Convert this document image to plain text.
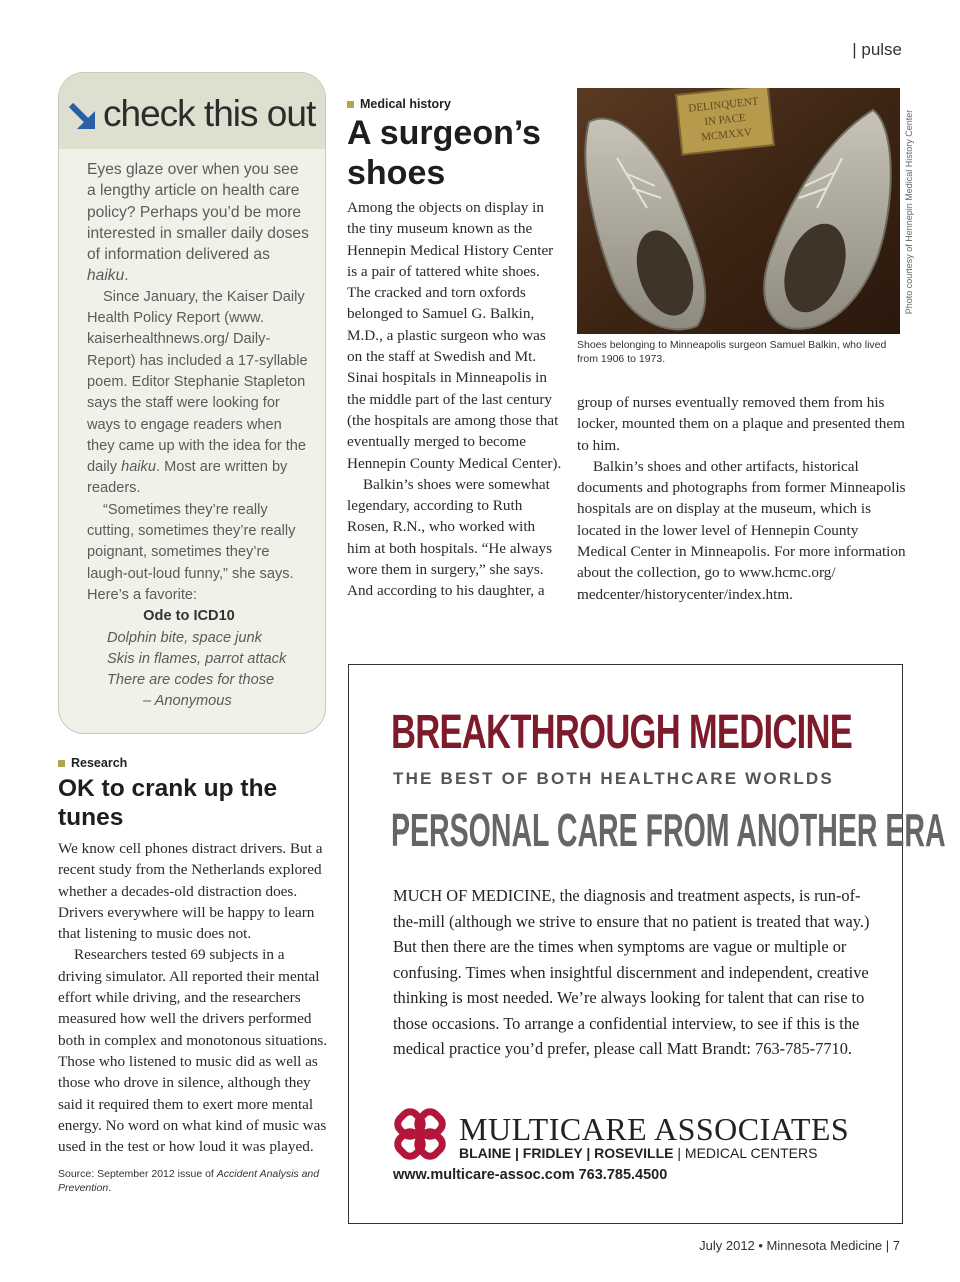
| pulse
check this out

Eyes glaze over when you see a lengthy article on health care policy? Perhaps you’d be more interested in smaller daily doses of information delivered as haiku.

Since January, the Kaiser Daily Health Policy Report (www. kaiserhealthnews.org/ Daily-Report) has included a 17-syllable poem. Editor Stephanie Stapleton says the staff were looking for ways to engage readers when they came up with the idea for the daily haiku. Most are written by readers.

“Sometimes they’re really cutting, sometimes they’re really poignant, sometimes they’re laugh-out-loud funny,” she says. Here’s a favorite:

Ode to ICD10

Dolphin bite, space junk

Skis in flames, parrot attack

There are codes for those

– Anonymous

Medical history
A surgeon’s shoes

Among the objects on display in the tiny museum known as the Hennepin Medical History Center is a pair of tattered white shoes. The cracked and torn oxfords belonged to Samuel G. Balkin, M.D., a plastic surgeon who was on the staff at Swedish and Mt. Sinai hospitals in Minneapolis in the middle part of the last century (the hospitals are among those that eventually merged to become Hennepin County Medical Center).

Balkin’s shoes were somewhat legendary, according to Ruth Rosen, R.N., who worked with him at both hospitals. “He always wore them in surgery,” she says. And according to his daughter, a

DELINQUENT
IN PACE
MCMXXV	Photo courtesy of Hennepin Medical History Center
Shoes belonging to Minneapolis surgeon Samuel Balkin, who lived from 1906 to 1973.

group of nurses eventually removed them from his locker, mounted them on a plaque and presented them to him.

Balkin’s shoes and other artifacts, historical documents and photographs from former Minneapolis hospitals are on display at the museum, which is located in the lower level of Hennepin County Medical Center in Minneapolis. For more information about the collection, go to www.hcmc.org/ medcenter/historycenter/index.htm.

Research
OK to crank up the tunes

We know cell phones distract drivers. But a recent study from the Netherlands explored whether a decades-old distraction does. Drivers everywhere will be happy to learn that listening to music does not.

Researchers tested 69 subjects in a driving simulator. All reported their mental effort while driving, and the researchers measured how well the drivers performed both in complex and monotonous situations. Those who listened to music did as well as those who drove in silence, although they said it required them to exert more mental energy. No word on what kind of music was used in the test or how loud it was played.

Source: September 2012 issue of Accident Analysis and Prevention.

BREAKTHROUGH MEDICINE
THE BEST OF BOTH HEALTHCARE WORLDS
PERSONAL CARE FROM ANOTHER ERA

MUCH OF MEDICINE, the diagnosis and treatment aspects, is run-of-the-mill (although we strive to ensure that no patient is treated that way.) But then there are the times when symptoms are vague or multiple or confusing. Times when insightful discernment and independent, creative thinking is most needed. We’re always looking for talent that can rise to those occasions. To arrange a confidential interview, to see if this is the medical practice you’d prefer, please call Matt Brandt: 763-785-7710.

MULTICARE ASSOCIATES
BLAINE | FRIDLEY | ROSEVILLE | MEDICAL CENTERS
www.multicare-assoc.com 763.785.4500
July 2012 • Minnesota Medicine | 7
